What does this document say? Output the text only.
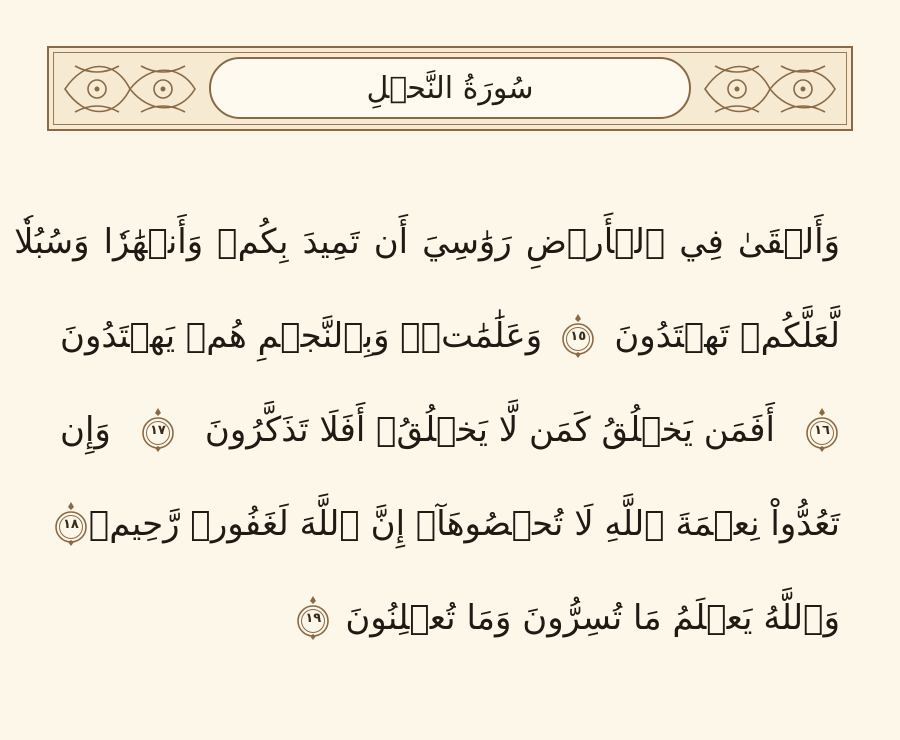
سُورَةُ النَّحۡلِ
وَأَلۡقَىٰ
فِي
ٱلۡأَرۡضِ
رَوَٰسِيَ
أَن
تَمِيدَ
بِكُمۡ
وَأَنۡهَٰرٗا
وَسُبُلٗا
لَّعَلَّكُمۡ تَهۡتَدُونَ
١٥
وَعَلَٰمَٰتٖۚ وَبِٱلنَّجۡمِ هُمۡ يَهۡتَدُونَ
١٦
أَفَمَن يَخۡلُقُ كَمَن لَّا يَخۡلُقُۚ أَفَلَا تَذَكَّرُونَ
١٧
وَإِن
تَعُدُّواْ نِعۡمَةَ ٱللَّهِ لَا تُحۡصُوهَآۗ إِنَّ ٱللَّهَ لَغَفُورٞ رَّحِيمٞ
١٨
وَٱللَّهُ يَعۡلَمُ مَا تُسِرُّونَ وَمَا تُعۡلِنُونَ
١٩
